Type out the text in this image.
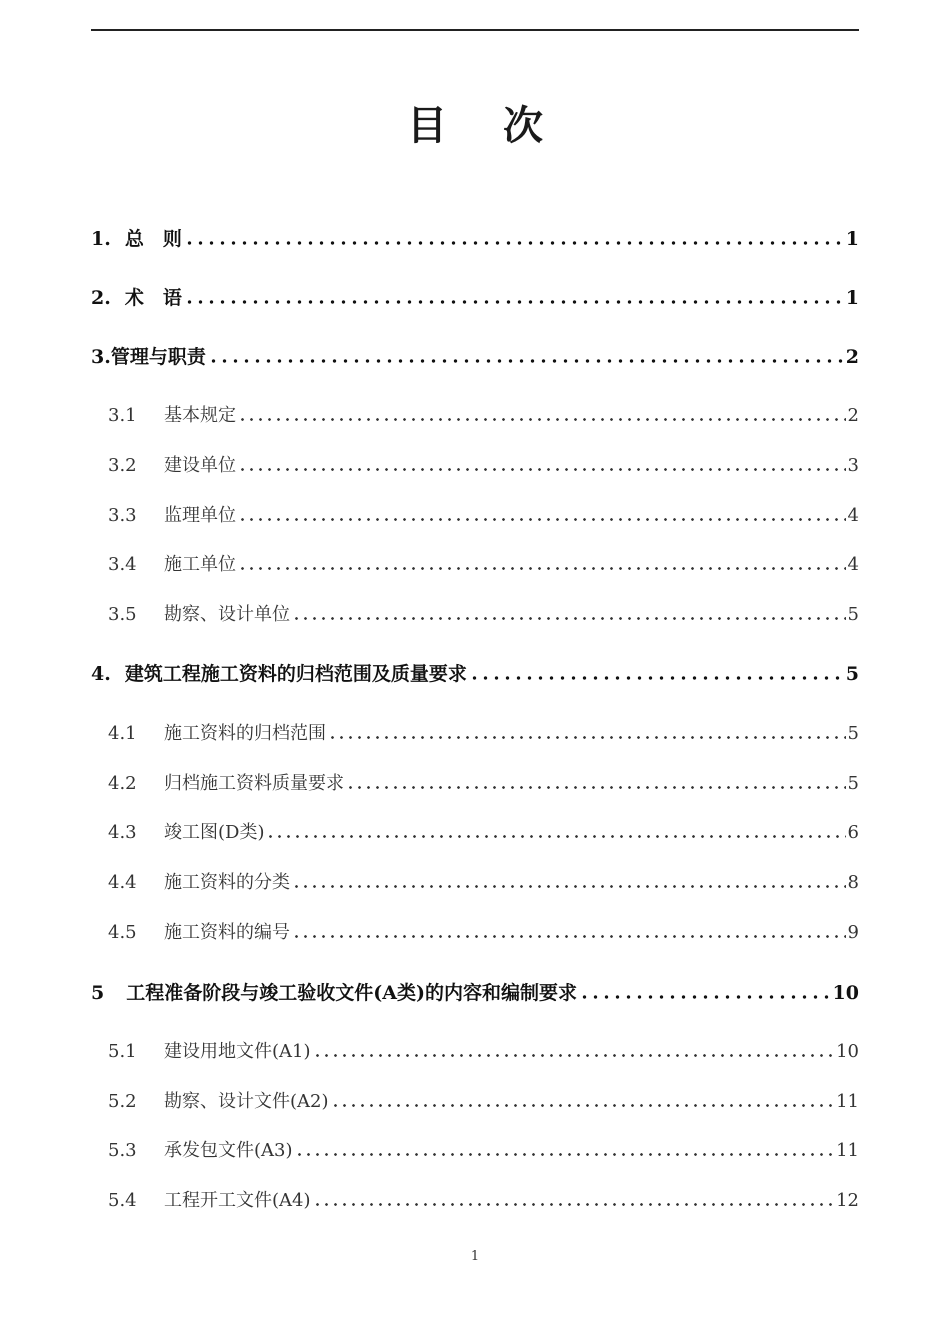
目 次
1. 总　则	1
2. 术　语	1
3. 管理与职责	2
3.1	基本规定	2
3.2	建设单位	3
3.3	监理单位	4
3.4	施工单位	4
3.5	勘察、设计单位	5
4. 建筑工程施工资料的归档范围及质量要求	5
4.1	施工资料的归档范围	5
4.2	归档施工资料质量要求	5
4.3	竣工图(D类)	6
4.4	施工资料的分类	8
4.5	施工资料的编号	9
5 工程准备阶段与竣工验收文件(A类)的内容和编制要求	10
5.1	建设用地文件(A1)	10
5.2	勘察、设计文件(A2)	11
5.3	承发包文件(A3)	11
5.4	工程开工文件(A4)	12
1
